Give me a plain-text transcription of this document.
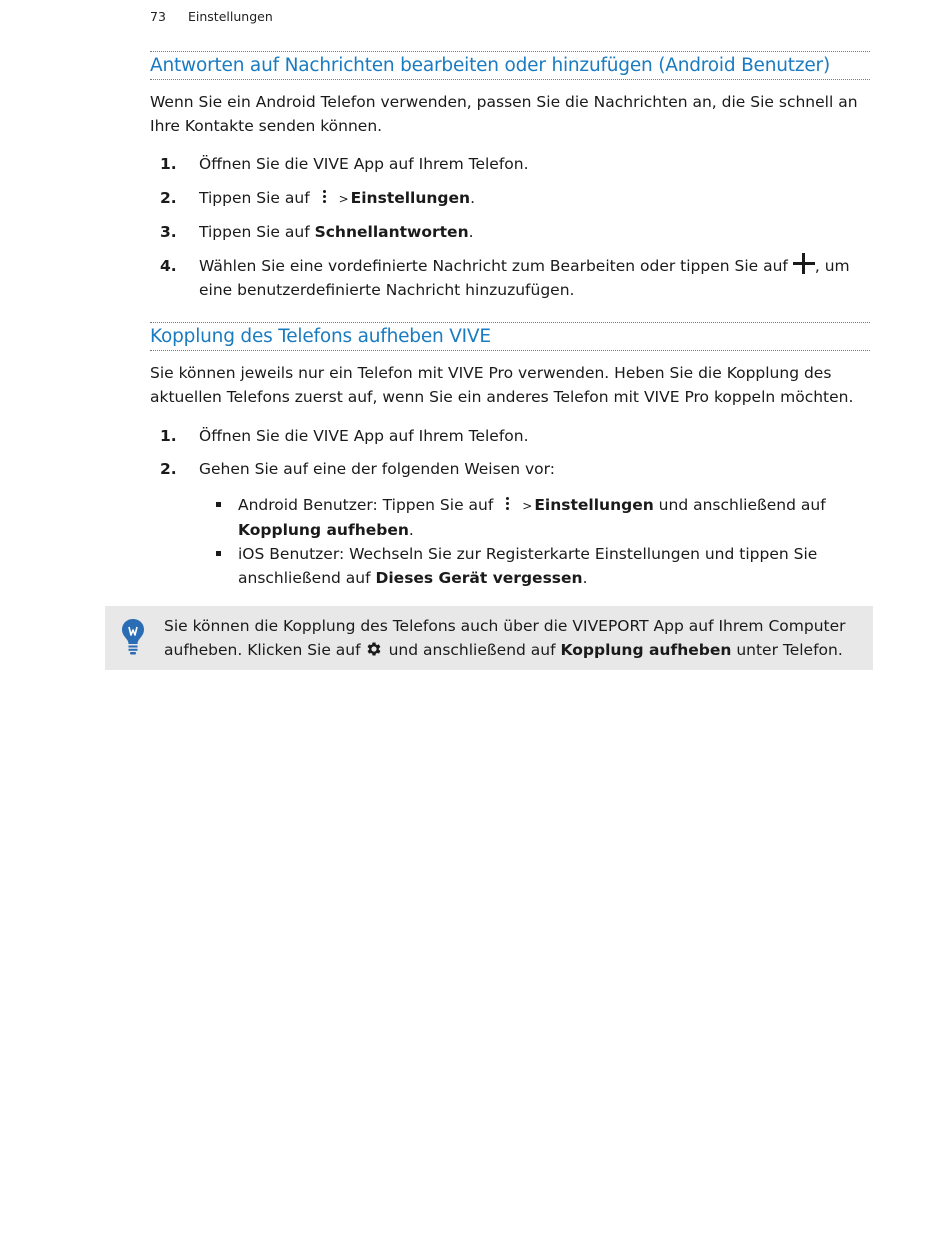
73 Einstellungen
Antworten auf Nachrichten bearbeiten oder hinzufügen (Android Benutzer)
Wenn Sie ein Android Telefon verwenden, passen Sie die Nachrichten an, die Sie schnell an Ihre Kontakte senden können.
1. Öffnen Sie die VIVE App auf Ihrem Telefon.
2. Tippen Sie auf > Einstellungen.
3. Tippen Sie auf Schnellantworten.
4. Wählen Sie eine vordefinierte Nachricht zum Bearbeiten oder tippen Sie auf , um eine benutzerdefinierte Nachricht hinzuzufügen.
Kopplung des Telefons aufheben VIVE
Sie können jeweils nur ein Telefon mit VIVE Pro verwenden. Heben Sie die Kopplung des aktuellen Telefons zuerst auf, wenn Sie ein anderes Telefon mit VIVE Pro koppeln möchten.
1. Öffnen Sie die VIVE App auf Ihrem Telefon.
2. Gehen Sie auf eine der folgenden Weisen vor:
Android Benutzer: Tippen Sie auf > Einstellungen und anschließend auf Kopplung aufheben.
iOS Benutzer: Wechseln Sie zur Registerkarte Einstellungen und tippen Sie anschließend auf Dieses Gerät vergessen.
Sie können die Kopplung des Telefons auch über die VIVEPORT App auf Ihrem Computer aufheben. Klicken Sie auf und anschließend auf Kopplung aufheben unter Telefon.
